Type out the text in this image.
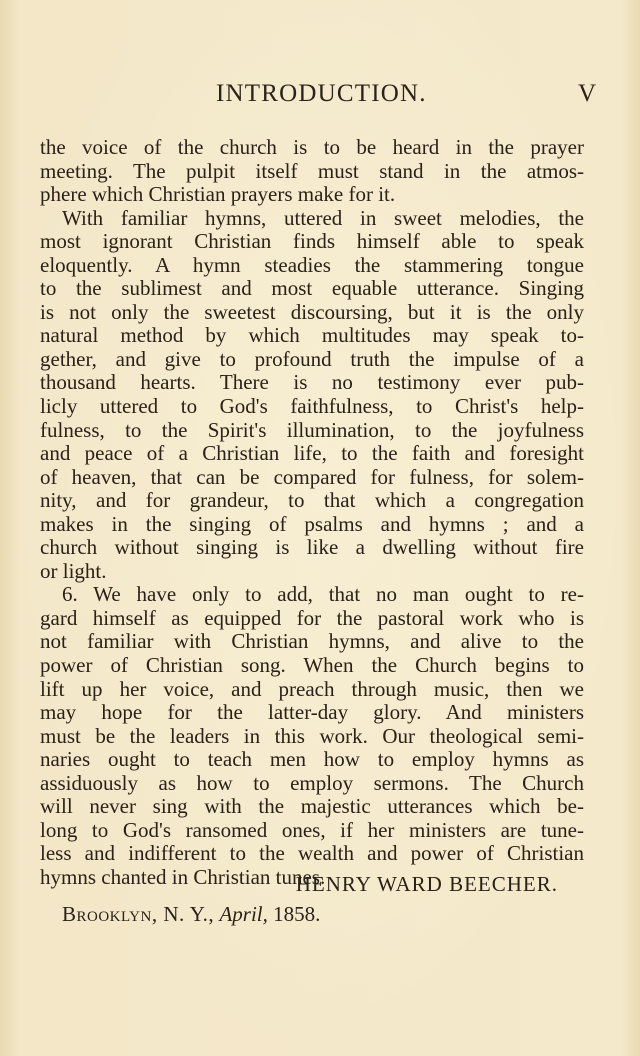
INTRODUCTION.	V
the voice of the church is to be heard in the prayer
meeting. The pulpit itself must stand in the atmos-
phere which Christian prayers make for it.
With familiar hymns, uttered in sweet melodies, the
most ignorant Christian finds himself able to speak
eloquently. A hymn steadies the stammering tongue
to the sublimest and most equable utterance. Singing
is not only the sweetest discoursing, but it is the only
natural method by which multitudes may speak to-
gether, and give to profound truth the impulse of a
thousand hearts. There is no testimony ever pub-
licly uttered to God's faithfulness, to Christ's help-
fulness, to the Spirit's illumination, to the joyfulness
and peace of a Christian life, to the faith and foresight
of heaven, that can be compared for fulness, for solem-
nity, and for grandeur, to that which a congregation
makes in the singing of psalms and hymns ; and a
church without singing is like a dwelling without fire
or light.
6. We have only to add, that no man ought to re-
gard himself as equipped for the pastoral work who is
not familiar with Christian hymns, and alive to the
power of Christian song. When the Church begins to
lift up her voice, and preach through music, then we
may hope for the latter-day glory. And ministers
must be the leaders in this work. Our theological semi-
naries ought to teach men how to employ hymns as
assiduously as how to employ sermons. The Church
will never sing with the majestic utterances which be-
long to God's ransomed ones, if her ministers are tune-
less and indifferent to the wealth and power of Christian
hymns chanted in Christian tunes.
HENRY WARD BEECHER.
Brooklyn, N. Y., April, 1858.
